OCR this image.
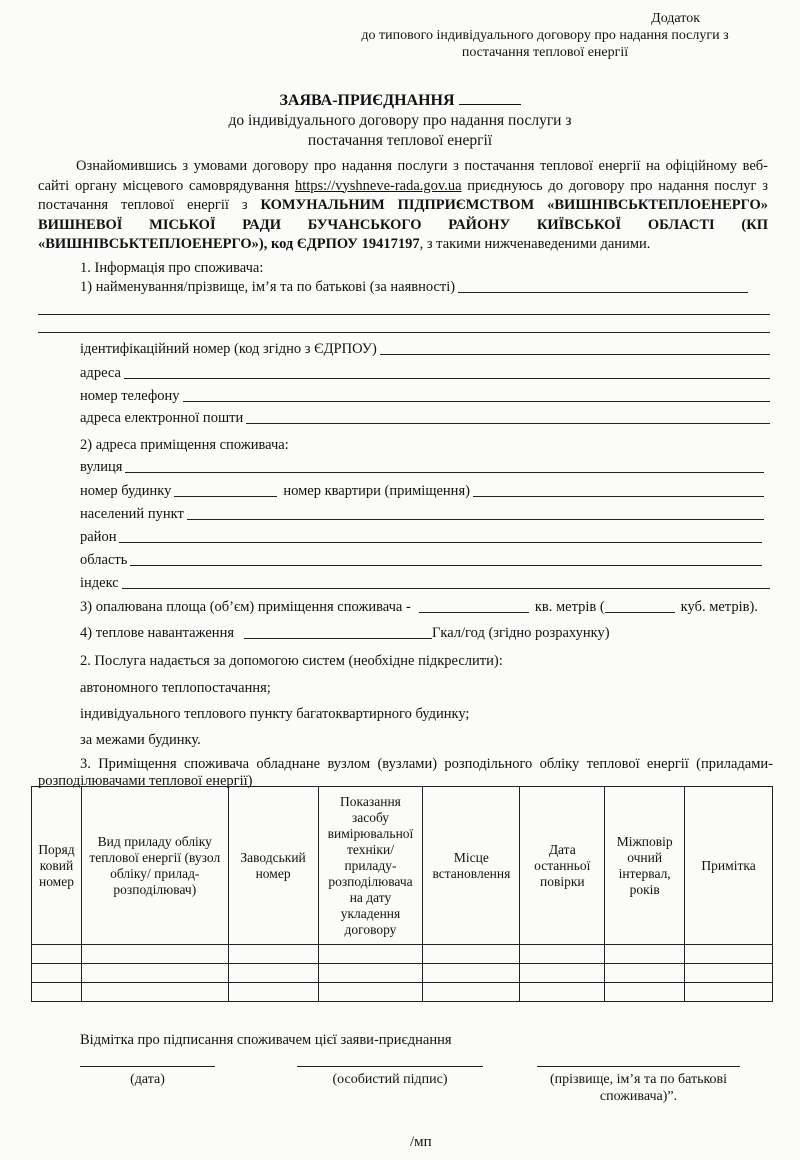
Додаток
до типового індивідуального договору про надання послуги з
постачання теплової енергії
ЗАЯВА-ПРИЄДНАННЯ
до індивідуального договору про надання послуги з
постачання теплової енергії
Ознайомившись з умовами договору про надання послуги з постачання теплової енергії на офіційному веб-сайті органу місцевого самоврядування https://vyshneve-rada.gov.ua приєднуюсь до договору про надання послуг з постачання теплової енергії з КОМУНАЛЬНИМ ПІДПРИЄМСТВОМ «ВИШНІВСЬКТЕПЛОЕНЕРГО» ВИШНЕВОЇ МІСЬКОЇ РАДИ БУЧАНСЬКОГО РАЙОНУ КИЇВСЬКОЇ ОБЛАСТІ (КП «ВИШНІВСЬКТЕПЛОЕНЕРГО»), код ЄДРПОУ 19417197, з такими нижченаведеними даними.
1. Інформація про споживача:
1) найменування/прізвище, ім’я та по батькові (за наявності)
ідентифікаційний номер (код згідно з ЄДРПОУ)
адреса
номер телефону
адреса електронної пошти
2) адреса приміщення споживача:
вулиця
номер будинку	номер квартири (приміщення)
населений пункт
район
область
індекс
3) опалювана площа (об’єм) приміщення споживача -	кв. метрів (	куб. метрів).
4) теплове навантаження	Гкал/год (згідно розрахунку)
2. Послуга надається за допомогою систем (необхідне підкреслити):
автономного теплопостачання;
індивідуального теплового пункту багатоквартирного будинку;
за межами будинку.
3. Приміщення споживача обладнане вузлом (вузлами) розподільного обліку теплової енергії (приладами-розподілювачами теплової енергії)
Поряд ковий номер	Вид приладу обліку теплової енергії (вузол обліку/ прилад-розподілювач)	Заводський номер	Показання засобу вимірювальної техніки/ приладу-розподілювача на дату укладення договору	Місце встановлення	Дата останньої повірки	Міжповір очний інтервал, років	Примітка

Відмітка про підписання споживачем цієї заяви-приєднання
(дата)	(особистий підпис)	(прізвище, ім’я та по батькові споживача)”.
/мп
